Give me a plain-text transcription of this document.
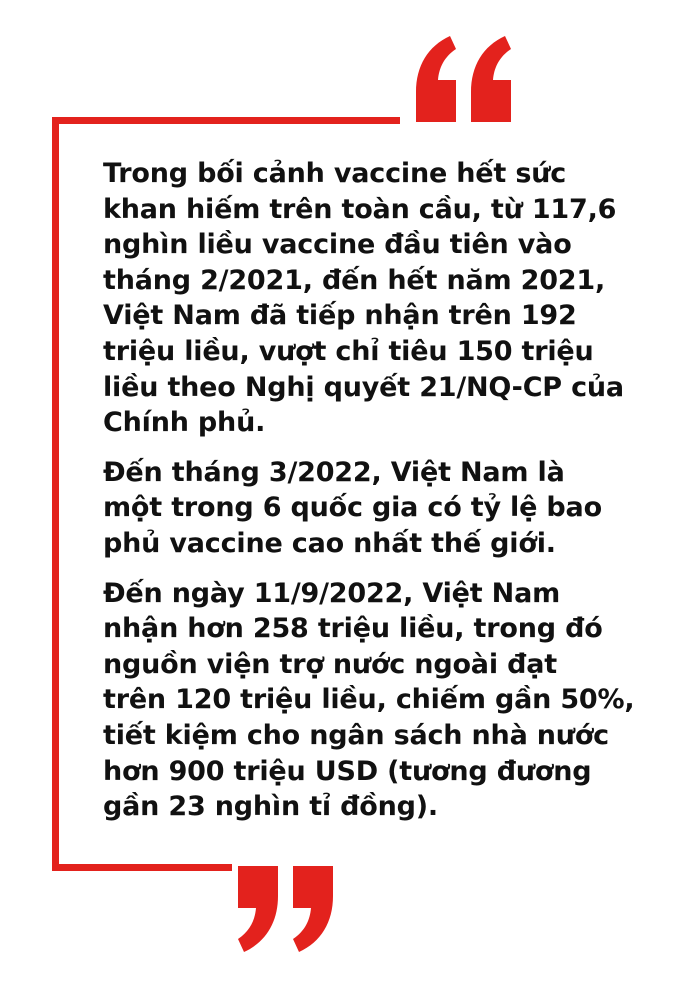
Trong bối cảnh vaccine hết sức
khan hiếm trên toàn cầu, từ 117,6
nghìn liều vaccine đầu tiên vào
tháng 2/2021, đến hết năm 2021,
Việt Nam đã tiếp nhận trên 192
triệu liều, vượt chỉ tiêu 150 triệu
liều theo Nghị quyết 21/NQ-CP của
Chính phủ.

Đến tháng 3/2022, Việt Nam là
một trong 6 quốc gia có tỷ lệ bao
phủ vaccine cao nhất thế giới.

Đến ngày 11/9/2022, Việt Nam
nhận hơn 258 triệu liều, trong đó
nguồn viện trợ nước ngoài đạt
trên 120 triệu liều, chiếm gần 50%,
tiết kiệm cho ngân sách nhà nước
hơn 900 triệu USD (tương đương
gần 23 nghìn tỉ đồng).
